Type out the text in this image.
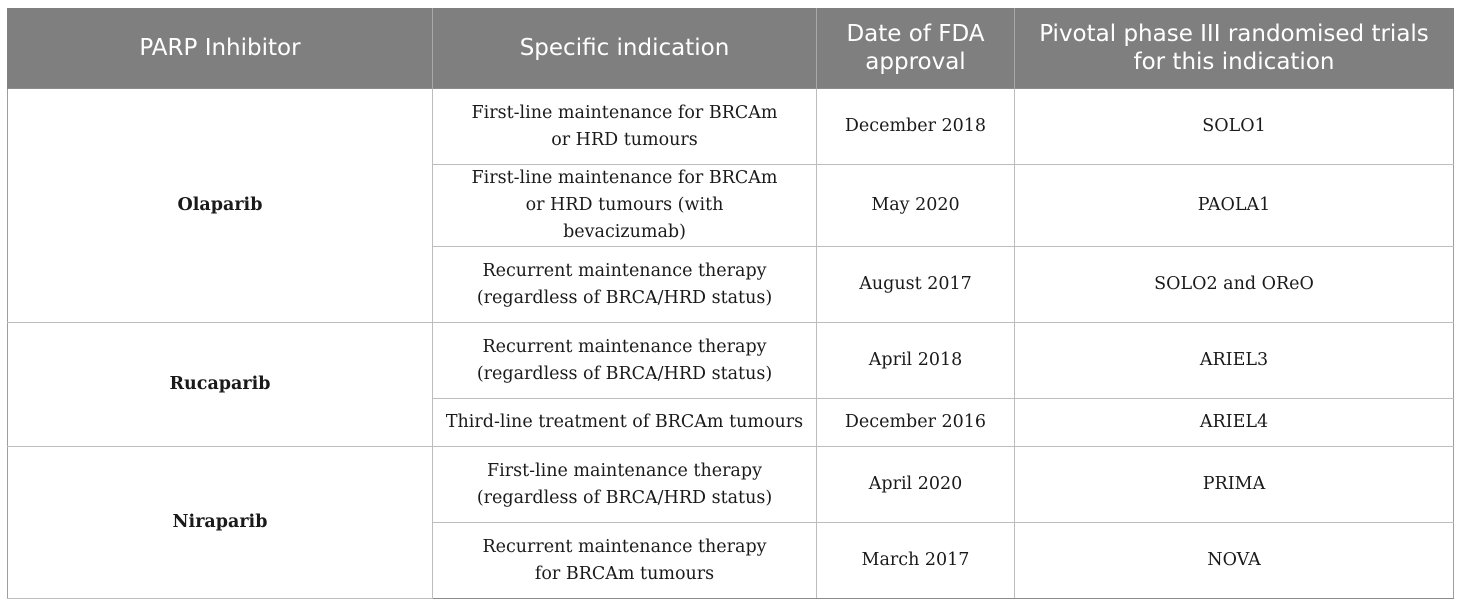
PARP Inhibitor	Specific indication	Date of FDA approval	Pivotal phase III randomised trials for this indication
Olaparib	First-line maintenance for BRCAm or HRD tumours	December 2018	SOLO1
	First-line maintenance for BRCAm or HRD tumours (with bevacizumab)	May 2020	PAOLA1
	Recurrent maintenance therapy (regardless of BRCA/HRD status)	August 2017	SOLO2 and OReO
Rucaparib	Recurrent maintenance therapy (regardless of BRCA/HRD status)	April 2018	ARIEL3
	Third-line treatment of BRCAm tumours	December 2016	ARIEL4
Niraparib	First-line maintenance therapy (regardless of BRCA/HRD status)	April 2020	PRIMA
	Recurrent maintenance therapy for BRCAm tumours	March 2017	NOVA
